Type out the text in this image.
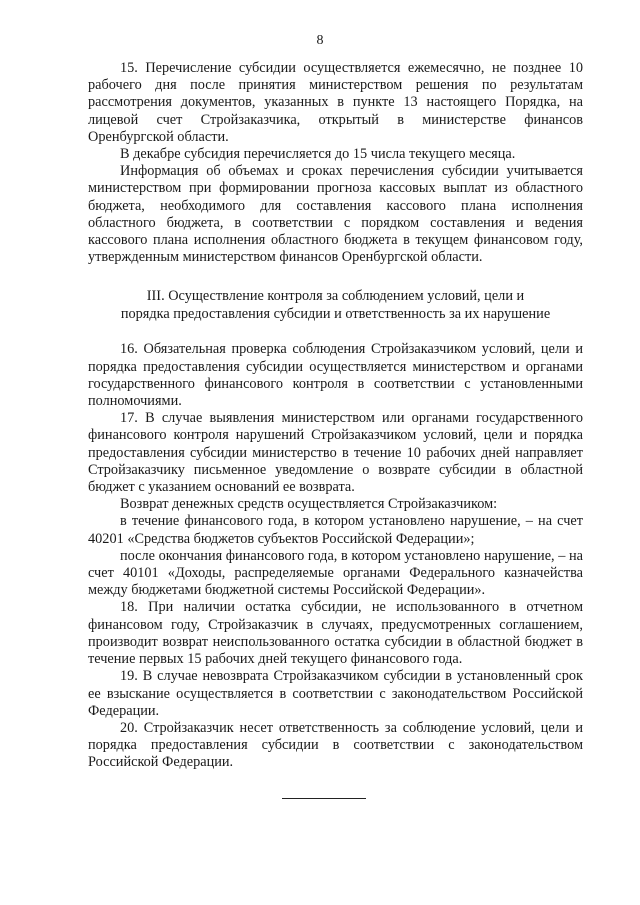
8

15. Перечисление субсидии осуществляется ежемесячно, не позднее 10 рабочего дня после принятия министерством решения по результатам рассмотрения документов, указанных в пункте 13 настоящего Порядка, на лицевой счет Стройзаказчика, открытый в министерстве финансов Оренбургской области.

В декабре субсидия перечисляется до 15 числа текущего месяца.

Информация об объемах и сроках перечисления субсидии учитывается министерством при формировании прогноза кассовых выплат из областного бюджета, необходимого для составления кассового плана исполнения областного бюджета, в соответствии с порядком составления и ведения кассового плана исполнения областного бюджета в текущем финансовом году, утвержденным министерством финансов Оренбургской области.

III. Осуществление контроля за соблюдением условий, цели и
порядка предоставления субсидии и ответственность за их нарушение

16. Обязательная проверка соблюдения Стройзаказчиком условий, цели и порядка предоставления субсидии осуществляется министерством и органами государственного финансового контроля в соответствии с установленными полномочиями.

17. В случае выявления министерством или органами государственного финансового контроля нарушений Стройзаказчиком условий, цели и порядка предоставления субсидии министерство в течение 10 рабочих дней направляет Стройзаказчику письменное уведомление о возврате субсидии в областной бюджет с указанием оснований ее возврата.

Возврат денежных средств осуществляется Стройзаказчиком:

в течение финансового года, в котором установлено нарушение, – на счет 40201 «Средства бюджетов субъектов Российской Федерации»;

после окончания финансового года, в котором установлено нарушение, – на счет 40101 «Доходы, распределяемые органами Федерального казначейства между бюджетами бюджетной системы Российской Федерации».

18. При наличии остатка субсидии, не использованного в отчетном финансовом году, Стройзаказчик в случаях, предусмотренных соглашением, производит возврат неиспользованного остатка субсидии в областной бюджет в течение первых 15 рабочих дней текущего финансового года.

19. В случае невозврата Стройзаказчиком субсидии в установленный срок ее взыскание осуществляется в соответствии с законодательством Российской Федерации.

20. Стройзаказчик несет ответственность за соблюдение условий, цели и порядка предоставления субсидии в соответствии с законодательством Российской Федерации.
